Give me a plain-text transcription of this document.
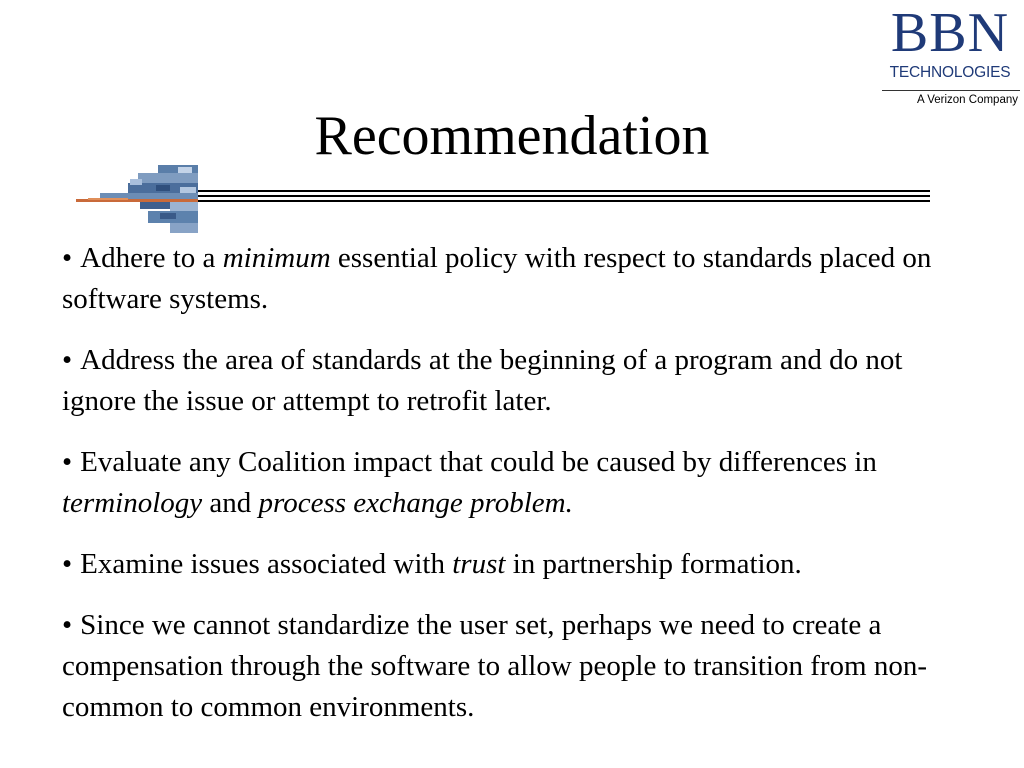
BBN
TECHNOLOGIES
A Verizon Company
Recommendation

• Adhere to a minimum essential policy with respect to standards placed on software systems.

• Address the area of standards at the beginning of a program and do not ignore the issue or attempt to retrofit later.

• Evaluate any Coalition impact that could be caused by differences in terminology and process exchange problem.

• Examine issues associated with trust in partnership formation.

• Since we cannot standardize the user set, perhaps we need to create a compensation through the software to allow people to transition from non-common to common environments.
